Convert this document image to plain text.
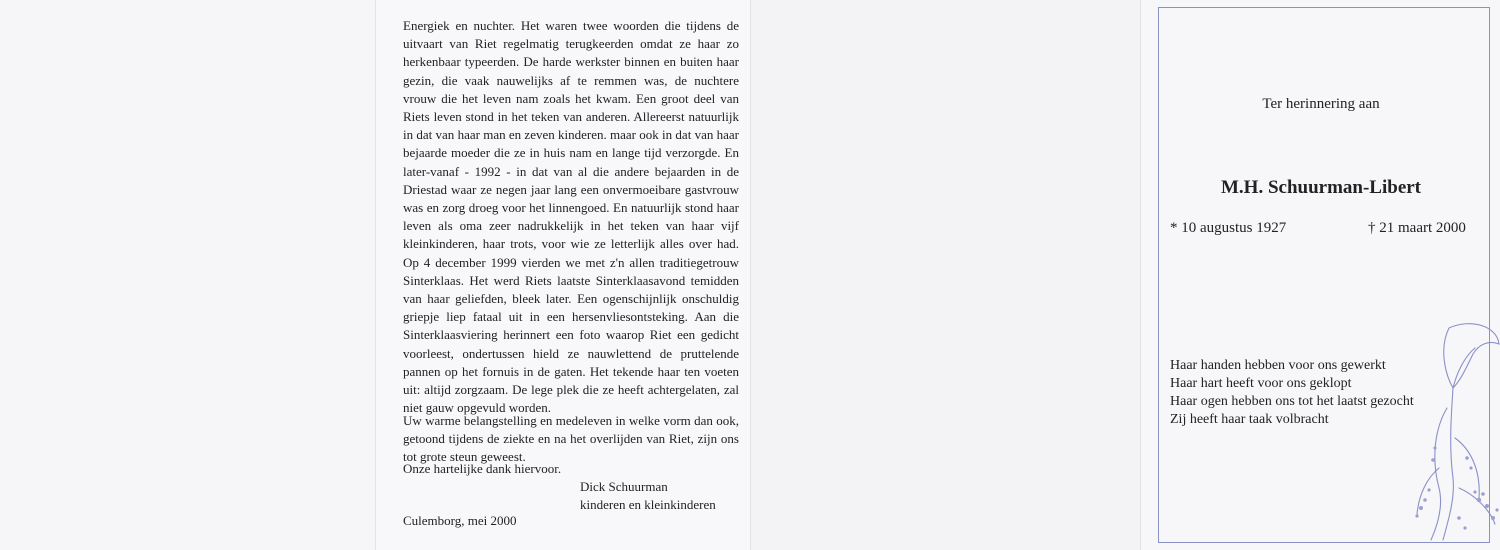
Energiek en nuchter. Het waren twee woorden die tijdens de uitvaart van Riet regelmatig terugkeerden omdat ze haar zo herkenbaar typeerden. De harde werkster binnen en buiten haar gezin, die vaak nauwelijks af te remmen was, de nuchtere vrouw die het leven nam zoals het kwam. Een groot deel van Riets leven stond in het teken van anderen. Allereerst natuurlijk in dat van haar man en zeven kinderen. maar ook in dat van haar bejaarde moeder die ze in huis nam en lange tijd verzorgde. En later-vanaf - 1992 - in dat van al die andere bejaarden in de Driestad waar ze negen jaar lang een onvermoeibare gastvrouw was en zorg droeg voor het linnengoed. En natuurlijk stond haar leven als oma zeer nadrukkelijk in het teken van haar vijf kleinkinderen, haar trots, voor wie ze letterlijk alles over had. Op 4 december 1999 vierden we met z'n allen traditiegetrouw Sinterklaas. Het werd Riets laatste Sinterklaasavond temidden van haar geliefden, bleek later. Een ogenschijnlijk onschuldig griepje liep fataal uit in een hersenvliesontsteking. Aan die Sinterklaasviering herinnert een foto waarop Riet een gedicht voorleest, ondertussen hield ze nauwlettend de pruttelende pannen op het fornuis in de gaten. Het tekende haar ten voeten uit: altijd zorgzaam. De lege plek die ze heeft achtergelaten, zal niet gauw opgevuld worden.

Uw warme belangstelling en medeleven in welke vorm dan ook, getoond tijdens de ziekte en na het overlijden van Riet, zijn ons tot grote steun geweest.

Onze hartelijke dank hiervoor.
Dick Schuurman
kinderen en kleinkinderen
Culemborg, mei 2000
Ter herinnering aan
M.H. Schuurman-Libert
* 10 augustus 1927	† 21 maart 2000
Haar handen hebben voor ons gewerkt
Haar hart heeft voor ons geklopt
Haar ogen hebben ons tot het laatst gezocht
Zij heeft haar taak volbracht
